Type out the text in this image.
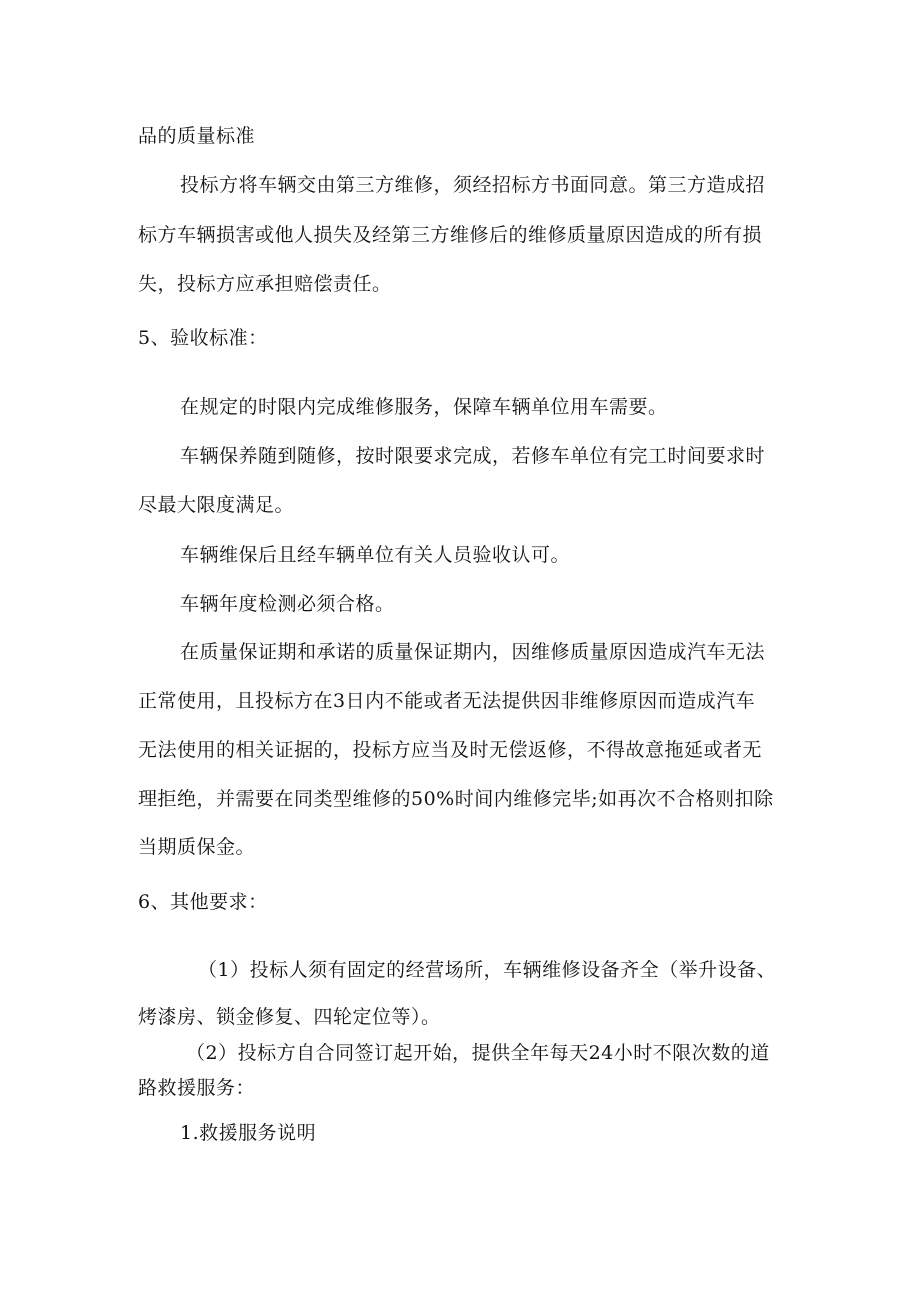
品的质量标准
投标方将车辆交由第三方维修，须经招标方书面同意。第三方造成招
标方车辆损害或他人损失及经第三方维修后的维修质量原因造成的所有损
失，投标方应承担赔偿责任。
5、验收标准：
在规定的时限内完成维修服务，保障车辆单位用车需要。
车辆保养随到随修，按时限要求完成，若修车单位有完工时间要求时
尽最大限度满足。
车辆维保后且经车辆单位有关人员验收认可。
车辆年度检测必须合格。
在质量保证期和承诺的质量保证期内，因维修质量原因造成汽车无法
正常使用，且投标方在3日内不能或者无法提供因非维修原因而造成汽车
无法使用的相关证据的，投标方应当及时无偿返修，不得故意拖延或者无
理拒绝，并需要在同类型维修的50%时间内维修完毕;如再次不合格则扣除
当期质保金。
6、其他要求：
（1）投标人须有固定的经营场所，车辆维修设备齐全（举升设备、
烤漆房、锁金修复、四轮定位等）。
（2）投标方自合同签订起开始，提供全年每天24小时不限次数的道
路救援服务：
1.救援服务说明
